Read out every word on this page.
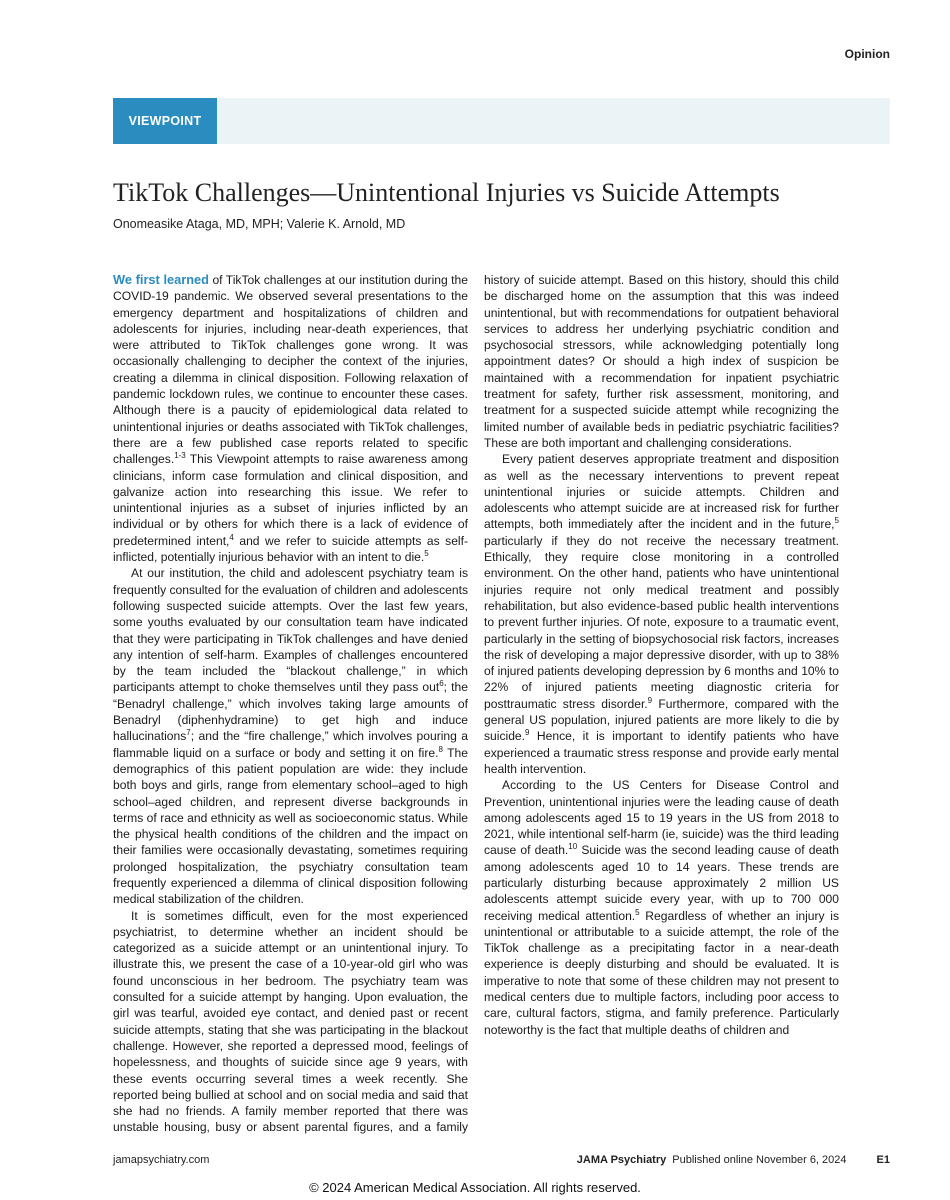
Opinion
VIEWPOINT
TikTok Challenges—Unintentional Injuries vs Suicide Attempts
Onomeasike Ataga, MD, MPH; Valerie K. Arnold, MD

We first learned of TikTok challenges at our institution during the COVID-19 pandemic. We observed several presentations to the emergency department and hospitalizations of children and adolescents for injuries, including near-death experiences, that were attributed to TikTok challenges gone wrong. It was occasionally challenging to decipher the context of the injuries, creating a dilemma in clinical disposition. Following relaxation of pandemic lockdown rules, we continue to encounter these cases. Although there is a paucity of epidemiological data related to unintentional injuries or deaths associated with TikTok challenges, there are a few published case reports related to specific challenges.$^{1-3}$ This Viewpoint attempts to raise awareness among clinicians, inform case formulation and clinical disposition, and galvanize action into researching this issue. We refer to unintentional injuries as a subset of injuries inflicted by an individual or by others for which there is a lack of evidence of predetermined intent,$^4$ and we refer to suicide attempts as self-inflicted, potentially injurious behavior with an intent to die.$^5$

At our institution, the child and adolescent psychiatry team is frequently consulted for the evaluation of children and adolescents following suspected suicide attempts. Over the last few years, some youths evaluated by our consultation team have indicated that they were participating in TikTok challenges and have denied any intention of self-harm. Examples of challenges encountered by the team included the “blackout challenge,” in which participants attempt to choke themselves until they pass out$^6$; the “Benadryl challenge,” which involves taking large amounts of Benadryl (diphenhydramine) to get high and induce hallucinations$^7$; and the “fire challenge,” which involves pouring a flammable liquid on a surface or body and setting it on fire.$^8$ The demographics of this patient population are wide: they include both boys and girls, range from elementary school–aged to high school–aged children, and represent diverse backgrounds in terms of race and ethnicity as well as socioeconomic status. While the physical health conditions of the children and the impact on their families were occasionally devastating, sometimes requiring prolonged hospitalization, the psychiatry consultation team frequently experienced a dilemma of clinical disposition following medical stabilization of the children.

It is sometimes difficult, even for the most experienced psychiatrist, to determine whether an incident should be categorized as a suicide attempt or an unintentional injury. To illustrate this, we present the case of a 10-year-old girl who was found unconscious in her bedroom. The psychiatry team was consulted for a suicide attempt by hanging. Upon evaluation, the girl was tearful, avoided eye contact, and denied past or recent suicide attempts, stating that she was participating in the blackout challenge. However, she reported a depressed mood, feelings of hopelessness, and thoughts of suicide since age 9 years, with these events occurring several times a week recently. She reported being bullied at school and on social media and said that she had no friends. A family member reported that there was unstable housing, busy or absent parental figures, and a family

history of suicide attempt. Based on this history, should this child be discharged home on the assumption that this was indeed unintentional, but with recommendations for outpatient behavioral services to address her underlying psychiatric condition and psychosocial stressors, while acknowledging potentially long appointment dates? Or should a high index of suspicion be maintained with a recommendation for inpatient psychiatric treatment for safety, further risk assessment, monitoring, and treatment for a suspected suicide attempt while recognizing the limited number of available beds in pediatric psychiatric facilities? These are both important and challenging considerations.

Every patient deserves appropriate treatment and disposition as well as the necessary interventions to prevent repeat unintentional injuries or suicide attempts. Children and adolescents who attempt suicide are at increased risk for further attempts, both immediately after the incident and in the future,$^5$ particularly if they do not receive the necessary treatment. Ethically, they require close monitoring in a controlled environment. On the other hand, patients who have unintentional injuries require not only medical treatment and possibly rehabilitation, but also evidence-based public health interventions to prevent further injuries. Of note, exposure to a traumatic event, particularly in the setting of biopsychosocial risk factors, increases the risk of developing a major depressive disorder, with up to 38% of injured patients developing depression by 6 months and 10% to 22% of injured patients meeting diagnostic criteria for posttraumatic stress disorder.$^9$ Furthermore, compared with the general US population, injured patients are more likely to die by suicide.$^9$ Hence, it is important to identify patients who have experienced a traumatic stress response and provide early mental health intervention.

According to the US Centers for Disease Control and Prevention, unintentional injuries were the leading cause of death among adolescents aged 15 to 19 years in the US from 2018 to 2021, while intentional self-harm (ie, suicide) was the third leading cause of death.$^{10}$ Suicide was the second leading cause of death among adolescents aged 10 to 14 years. These trends are particularly disturbing because approximately 2 million US adolescents attempt suicide every year, with up to 700 000 receiving medical attention.$^5$ Regardless of whether an injury is unintentional or attributable to a suicide attempt, the role of the TikTok challenge as a precipitating factor in a near-death experience is deeply disturbing and should be evaluated. It is imperative to note that some of these children may not present to medical centers due to multiple factors, including poor access to care, cultural factors, stigma, and family preference. Particularly noteworthy is the fact that multiple deaths of children and

jamapsychiatry.com	JAMA Psychiatry Published online November 6, 2024	E1
© 2024 American Medical Association. All rights reserved.
